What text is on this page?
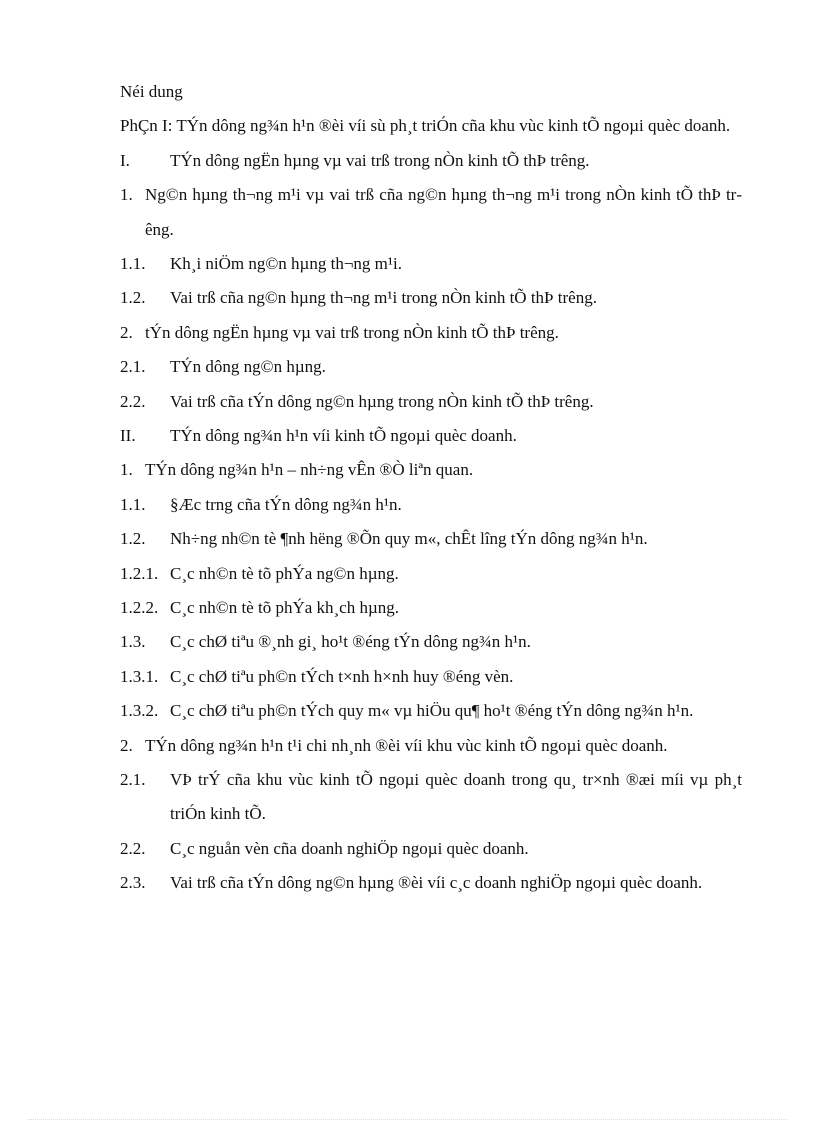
Néi dung

PhÇn I: TÝn dông ng¾n h¹n ®èi víi sù ph¸t triÓn cña khu vùc kinh tÕ ngoµi quèc doanh.

I. TÝn dông ngËn hµng vµ vai trß trong nÒn kinh tÕ thÞ trêng.
1. Ng©n hµng th¬ng m¹i vµ vai trß cña ng©n hµng th¬ng m¹i trong nÒn kinh tÕ thÞ trêng.
1.1. Kh¸i niÖm ng©n hµng th¬ng m¹i.
1.2. Vai trß cña ng©n hµng th¬ng m¹i trong nÒn kinh tÕ thÞ trêng.
2. tÝn dông ngËn hµng vµ vai trß trong nÒn kinh tÕ thÞ trêng.
2.1. TÝn dông ng©n hµng.
2.2. Vai trß cña tÝn dông ng©n hµng trong nÒn kinh tÕ thÞ trêng.
II. TÝn dông ng¾n h¹n víi kinh tÕ ngoµi quèc doanh.
1. TÝn dông ng¾n h¹n – nh÷ng vÊn ®Ò liªn quan.
1.1. §Æc trng cña tÝn dông ng¾n h¹n.
1.2. Nh÷ng nh©n tè ¶nh hëng ®Õn quy m«, chÊt lîng tÝn dông ng¾n h¹n.
1.2.1. C¸c nh©n tè tõ phÝa ng©n hµng.
1.2.2. C¸c nh©n tè tõ phÝa kh¸ch hµng.
1.3. C¸c chØ tiªu ®¸nh gi¸ ho¹t ®éng tÝn dông ng¾n h¹n.
1.3.1. C¸c chØ tiªu ph©n tÝch t×nh h×nh huy ®éng vèn.
1.3.2. C¸c chØ tiªu ph©n tÝch quy m« vµ hiÖu qu¶ ho¹t ®éng tÝn dông ng¾n h¹n.
2. TÝn dông ng¾n h¹n t¹i chi nh¸nh ®èi víi khu vùc kinh tÕ ngoµi quèc doanh.
2.1.	VÞ trÝ cña khu vùc kinh tÕ ngoµi quèc doanh trong qu¸ tr×nh ®æi míi vµ ph¸t triÓn kinh tÕ.
2.2. C¸c nguån vèn cña doanh nghiÖp ngoµi quèc doanh.
2.3.	Vai trß cña tÝn dông ng©n hµng ®èi víi c¸c doanh nghiÖp ngoµi quèc doanh.
